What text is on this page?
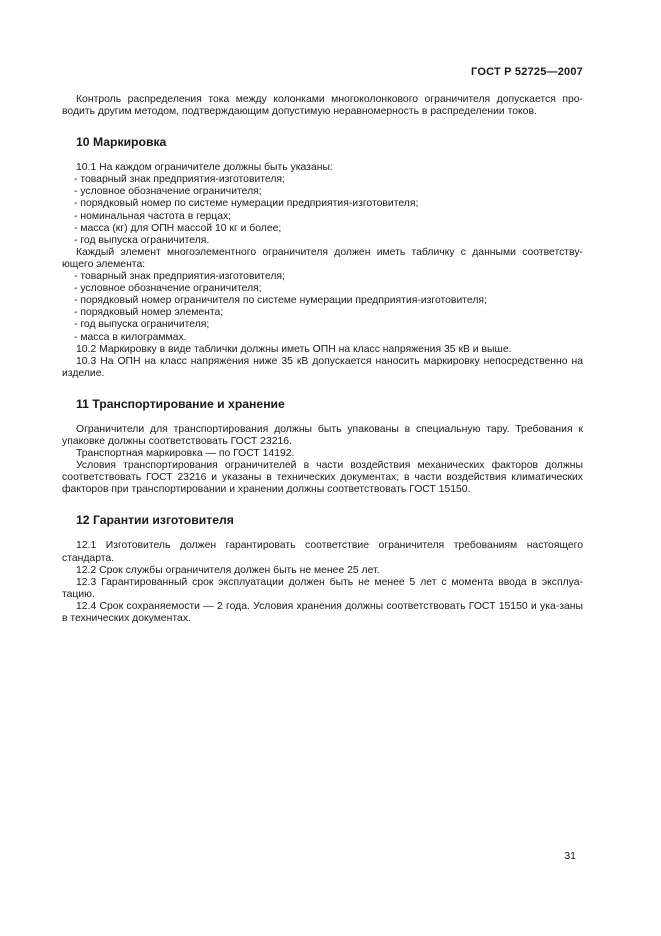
ГОСТ Р 52725—2007

Контроль распределения тока между колонками многоколонкового ограничителя допускается про-водить другим методом, подтверждающим допустимую неравномерность в распределении токов.

10 Маркировка

10.1 На каждом ограничителе должны быть указаны:

- товарный знак предприятия-изготовителя;

- условное обозначение ограничителя;

- порядковый номер по системе нумерации предприятия-изготовителя;

- номинальная частота в герцах;

- масса (кг) для ОПН массой 10 кг и более;

- год выпуска ограничителя.

Каждый элемент многоэлементного ограничителя должен иметь табличку с данными соответству-ющего элемента:

- товарный знак предприятия-изготовителя;

- условное обозначение ограничителя;

- порядковый номер ограничителя по системе нумерации предприятия-изготовителя;

- порядковый номер элемента;

- год выпуска ограничителя;

- масса в килограммах.

10.2 Маркировку в виде таблички должны иметь ОПН на класс напряжения 35 кВ и выше.

10.3 На ОПН на класс напряжения ниже 35 кВ допускается наносить маркировку непосредственно на изделие.

11 Транспортирование и хранение

Ограничители для транспортирования должны быть упакованы в специальную тару. Требования к упаковке должны соответствовать ГОСТ 23216.

Транспортная маркировка — по ГОСТ 14192.

Условия транспортирования ограничителей в части воздействия механических факторов должны соответствовать ГОСТ 23216 и указаны в технических документах; в части воздействия климатических факторов при транспортировании и хранении должны соответствовать ГОСТ 15150.

12 Гарантии изготовителя

12.1 Изготовитель должен гарантировать соответствие ограничителя требованиям настоящего стандарта.

12.2 Срок службы ограничителя должен быть не менее 25 лет.

12.3 Гарантированный срок эксплуатации должен быть не менее 5 лет с момента ввода в эксплуа-тацию.

12.4 Срок сохраняемости — 2 года. Условия хранения должны соответствовать ГОСТ 15150 и ука-заны в технических документах.

31
